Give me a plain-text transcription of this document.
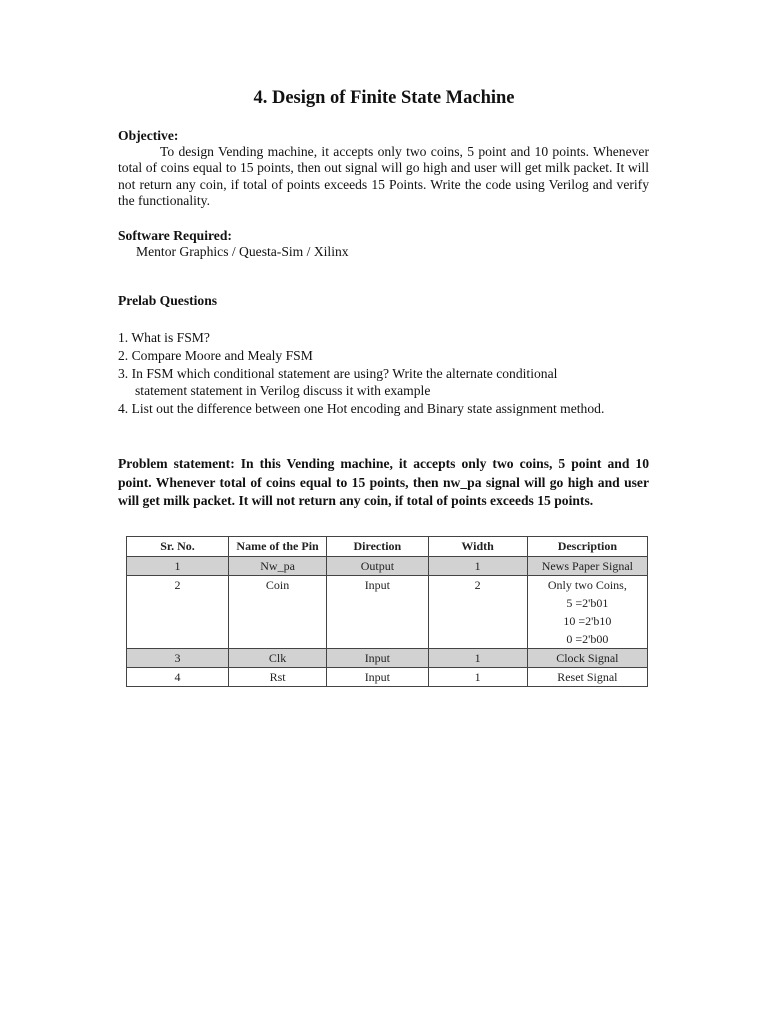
4. Design of Finite State Machine

Objective:

To design Vending machine, it accepts only two coins, 5 point and 10 points. Whenever total of coins equal to 15 points, then out signal will go high and user will get milk packet. It will not return any coin, if total of points exceeds 15 Points. Write the code using Verilog and verify the functionality.

Software Required:

Mentor Graphics / Questa-Sim / Xilinx

Prelab Questions

1. What is FSM?
2. Compare Moore and Mealy FSM
3. In FSM which conditional statement are using? Write the alternate conditional
statement statement in Verilog discuss it with example
4. List out the difference between one Hot encoding and Binary state assignment method.

Problem statement: In this Vending machine, it accepts only two coins, 5 point and 10 point. Whenever total of coins equal to 15 points, then nw_pa signal will go high and user will get milk packet. It will not return any coin, if total of points exceeds 15 points.

Sr. No.	Name of the Pin	Direction	Width	Description
1	Nw_pa	Output	1	News Paper Signal

2	Coin	Input	2	Only two Coins,
5 =2'b01
10 =2'b10
0 =2'b00

3	Clk	Input	1	Clock Signal

4	Rst	Input	1	Reset Signal
